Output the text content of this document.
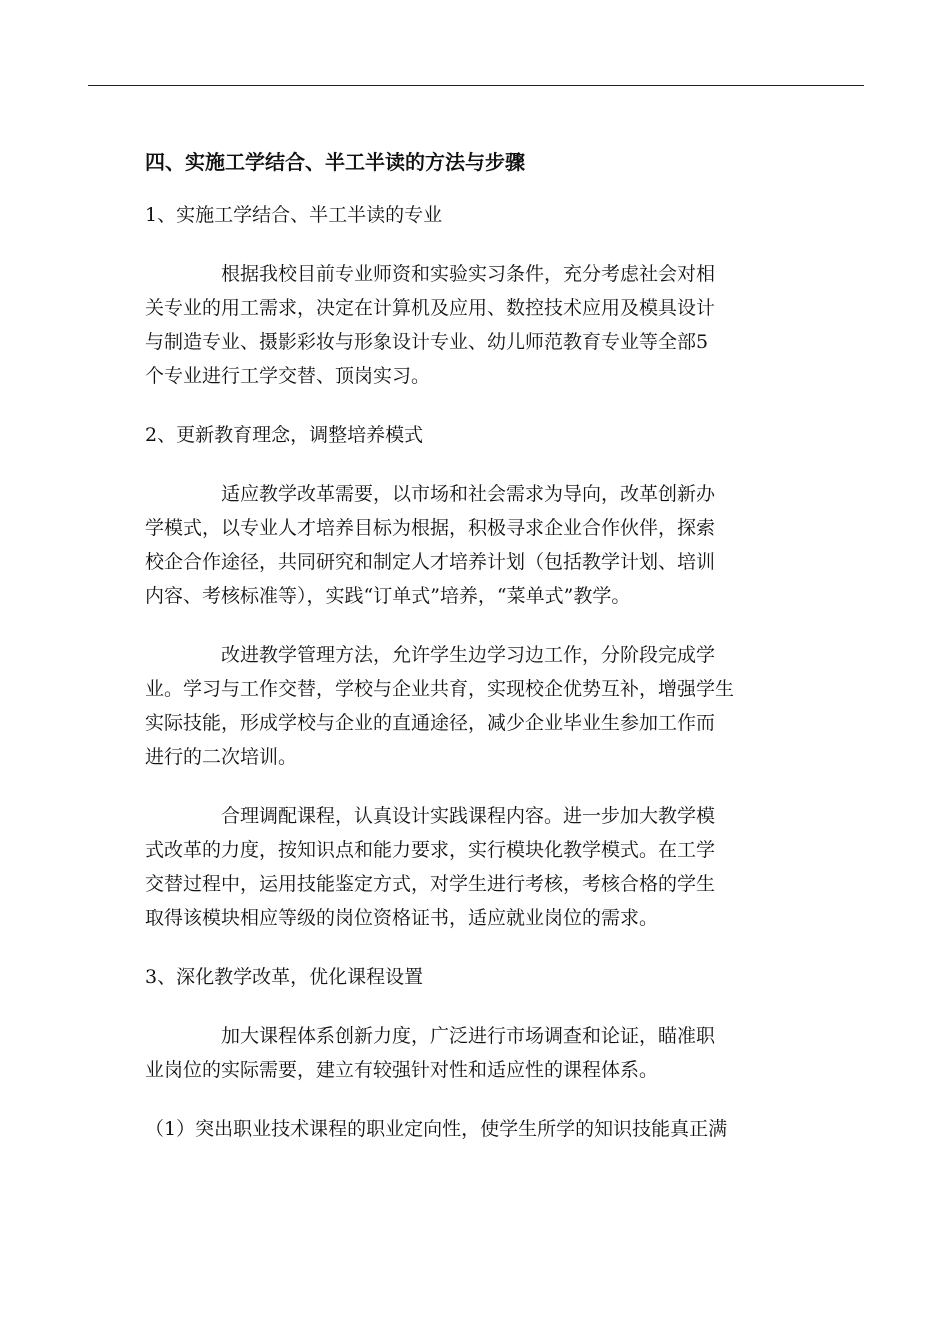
四、实施工学结合、半工半读的方法与步骤
1、实施工学结合、半工半读的专业
根据我校目前专业师资和实验实习条件，充分考虑社会对相
关专业的用工需求，决定在计算机及应用、数控技术应用及模具设计
与制造专业、摄影彩妆与形象设计专业、幼儿师范教育专业等全部5
个专业进行工学交替、顶岗实习。
2、更新教育理念，调整培养模式
适应教学改革需要，以市场和社会需求为导向，改革创新办
学模式，以专业人才培养目标为根据，积极寻求企业合作伙伴，探索
校企合作途径，共同研究和制定人才培养计划（包括教学计划、培训
内容、考核标准等），实践“订单式”培养，“菜单式”教学。
改进教学管理方法，允许学生边学习边工作，分阶段完成学
业。学习与工作交替，学校与企业共育，实现校企优势互补，增强学生
实际技能，形成学校与企业的直通途径，减少企业毕业生参加工作而
进行的二次培训。
合理调配课程，认真设计实践课程内容。进一步加大教学模
式改革的力度，按知识点和能力要求，实行模块化教学模式。在工学
交替过程中，运用技能鉴定方式，对学生进行考核，考核合格的学生
取得该模块相应等级的岗位资格证书，适应就业岗位的需求。
3、深化教学改革，优化课程设置
加大课程体系创新力度，广泛进行市场调查和论证，瞄准职
业岗位的实际需要，建立有较强针对性和适应性的课程体系。
（1）突出职业技术课程的职业定向性，使学生所学的知识技能真正满
